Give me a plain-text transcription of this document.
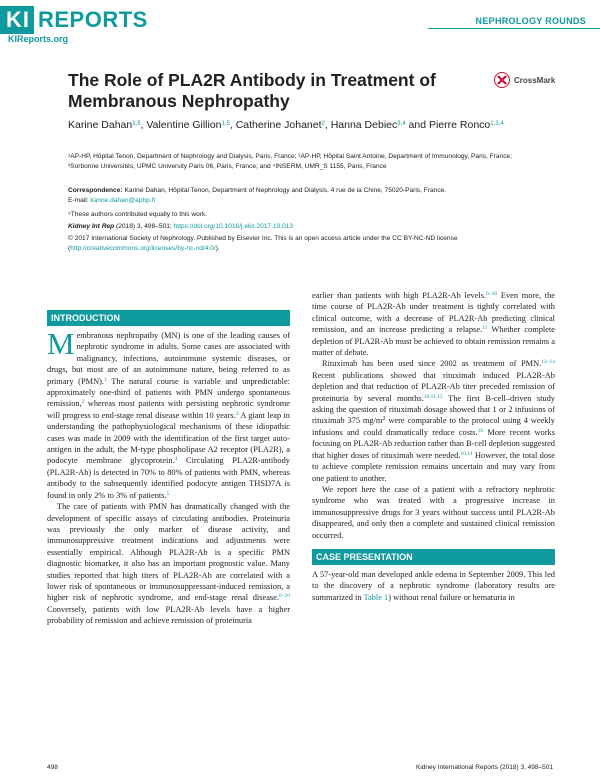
KI REPORTS
KIReports.org
NEPHROLOGY ROUNDS
The Role of PLA2R Antibody in Treatment of Membranous Nephropathy
CrossMark
Karine Dahan$^{1,5}$, Valentine Gillion$^{1,5}$, Catherine Johanet$^2$, Hanna Debiec$^{3,4}$ and Pierre Ronco$^{1,3,4}$
¹AP-HP, Hôpital Tenon, Department of Nephrology and Dialysis, Paris, France; ²AP-HP, Hôpital Saint Antoine, Department of Immunology, Paris, France; ³Sorbonne Universités, UPMC University Paris 06, Paris, France; and ⁴INSERM, UMR_S 1155, Paris, France
Correspondence: Karine Dahan, Hôpital Tenon, Department of Nephrology and Dialysis, 4 rue de la Chine, 75020-Paris, France.
E-mail: karine.dahan@aphp.fr
⁵These authors contributed equally to this work.
Kidney Int Rep (2018) 3, 498–501; https://doi.org/10.1016/j.ekir.2017.10.013
© 2017 International Society of Nephrology. Published by Elsevier Inc. This is an open access article under the CC BY-NC-ND license (http://creativecommons.org/licenses/by-nc-nd/4.0/).
INTRODUCTION

Membranous nephropathy (MN) is one of the leading causes of nephrotic syndrome in adults. Some cases are associated with malignancy, infections, autoimmune systemic diseases, or drugs, but most are of an autoimmune nature, being referred to as primary (PMN).$^1$ The natural course is variable and unpredictable: approximately one-third of patients with PMN undergo spontaneous remission,$^2$ whereas most patients with persisting nephrotic syndrome will progress to end-stage renal disease within 10 years.$^3$ A giant leap in understanding the pathophysiological mechanisms of these idiopathic cases was made in 2009 with the identification of the first target auto-antigen in the adult, the M-type phospholipase A2 receptor (PLA2R), a podocyte membrane glycoprotein.$^4$ Circulating PLA2R-antibody (PLA2R-Ab) is detected in 70% to 80% of patients with PMN, whereas antibody to the subsequently identified podocyte antigen THSD7A is found in only 2% to 3% of patients.$^5$

The care of patients with PMN has dramatically changed with the development of specific assays of circulating antibodies. Proteinuria was previously the only marker of disease activity, and immunosuppressive treatment indications and adjustments were essentially empirical. Although PLA2R-Ab is a specific PMN diagnostic biomarker, it also has an important prognostic value. Many studies reported that high titers of PLA2R-Ab are correlated with a lower risk of spontaneous or immunosuppressant-induced remission, a higher risk of nephrotic syndrome, and end-stage renal disease.$^{6-10}$ Conversely, patients with low PLA2R-Ab levels have a higher probability of remission and achieve remission of proteinuria

earlier than patients with high PLA2R-Ab levels.$^{6-10}$ Even more, the time course of PLA2R-Ab under treatment is tightly correlated with clinical outcome, with a decrease of PLA2R-Ab predicting clinical remission, and an increase predicting a relapse.$^{11}$ Whether complete depletion of PLA2R-Ab must be achieved to obtain remission remains a matter of debate.

Rituximab has been used since 2002 as treatment of PMN.$^{12-14}$ Recent publications showed that rituximab induced PLA2R-Ab depletion and that reduction of PLA2R-Ab titer preceded remission of proteinuria by several months.$^{10,11,15}$ The first B-cell–driven study asking the question of rituximab dosage showed that 1 or 2 infusions of rituximab 375 $mg/m^2$ were comparable to the protocol using 4 weekly infusions and could dramatically reduce costs.$^{16}$ More recent works focusing on PLA2R-Ab reduction rather than B-cell depletion suggested that higher doses of rituximab were needed.$^{10,11}$ However, the total dose to achieve complete remission remains uncertain and may vary from one patient to another.

We report here the case of a patient with a refractory nephrotic syndrome who was treated with a progressive increase in immunosuppressive drugs for 3 years without success until PLA2R-Ab disappeared, and only then a complete and sustained clinical remission occurred.

CASE PRESENTATION

A 57-year-old man developed ankle edema in September 2009. This led to the discovery of a nephrotic syndrome (laboratory results are summarized in Table 1) without renal failure or hematuria in

498	Kidney International Reports (2018) 3, 498–501
